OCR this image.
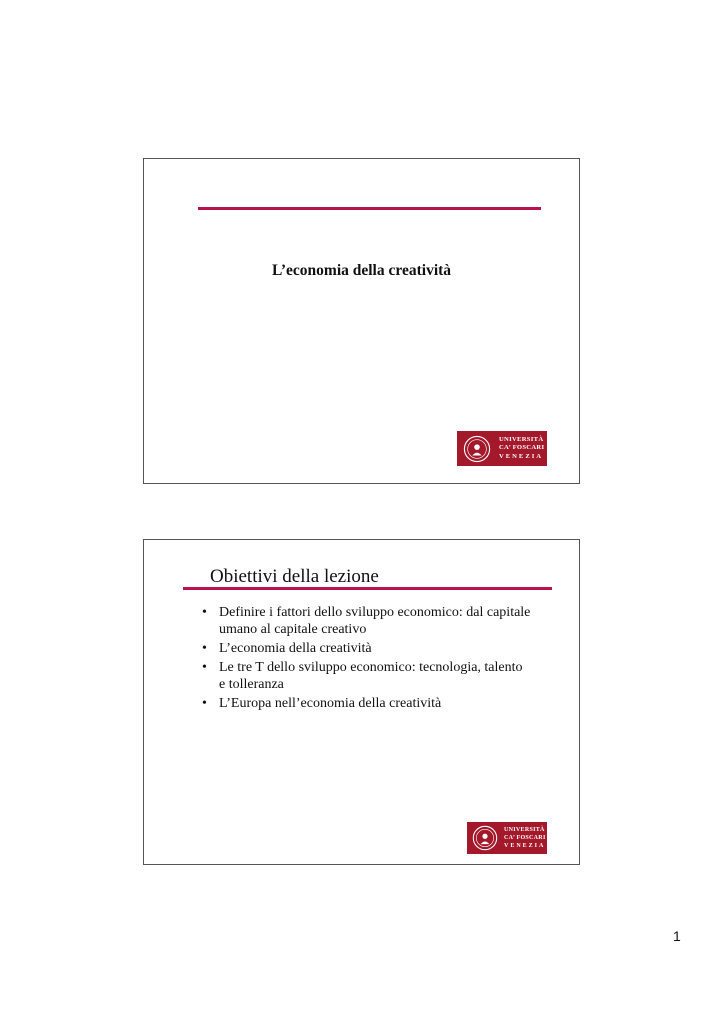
L’economia della creatività
UNIVERSITÀ
CA’ FOSCARI
VENEZIA
Obiettivi della lezione
• Definire i fattori dello sviluppo economico: dal capitale umano al capitale creativo
• L’economia della creatività
• Le tre T dello sviluppo economico: tecnologia, talento e tolleranza
• L’Europa nell’economia della creatività
UNIVERSITÀ
CA’ FOSCARI
VENEZIA
1
